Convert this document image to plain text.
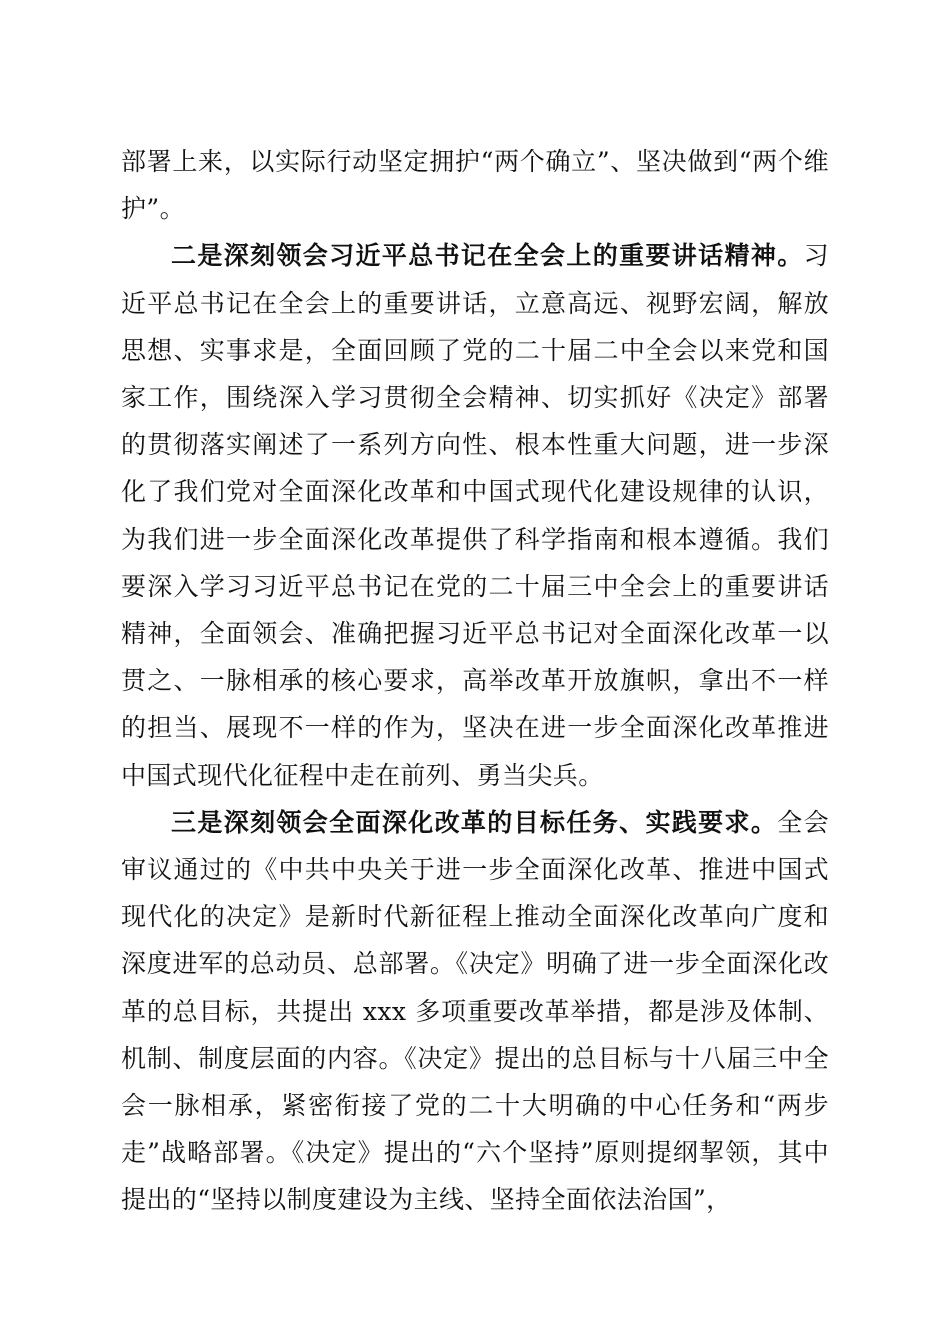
部署上来，以实际行动坚定拥护“两个确立”、坚决做到“两个维护”。

二是深刻领会习近平总书记在全会上的重要讲话精神。习近平总书记在全会上的重要讲话，立意高远、视野宏阔，解放思想、实事求是，全面回顾了党的二十届二中全会以来党和国家工作，围绕深入学习贯彻全会精神、切实抓好《决定》部署的贯彻落实阐述了一系列方向性、根本性重大问题，进一步深化了我们党对全面深化改革和中国式现代化建设规律的认识，为我们进一步全面深化改革提供了科学指南和根本遵循。我们要深入学习习近平总书记在党的二十届三中全会上的重要讲话精神，全面领会、准确把握习近平总书记对全面深化改革一以贯之、一脉相承的核心要求，高举改革开放旗帜，拿出不一样的担当、展现不一样的作为，坚决在进一步全面深化改革推进中国式现代化征程中走在前列、勇当尖兵。

三是深刻领会全面深化改革的目标任务、实践要求。全会审议通过的《中共中央关于进一步全面深化改革、推进中国式现代化的决定》是新时代新征程上推动全面深化改革向广度和深度进军的总动员、总部署。《决定》明确了进一步全面深化改革的总目标，共提出 xxx 多项重要改革举措，都是涉及体制、机制、制度层面的内容。《决定》提出的总目标与十八届三中全会一脉相承，紧密衔接了党的二十大明确的中心任务和“两步走”战略部署。《决定》提出的“六个坚持”原则提纲挈领，其中提出的“坚持以制度建设为主线、坚持全面依法治国”，
